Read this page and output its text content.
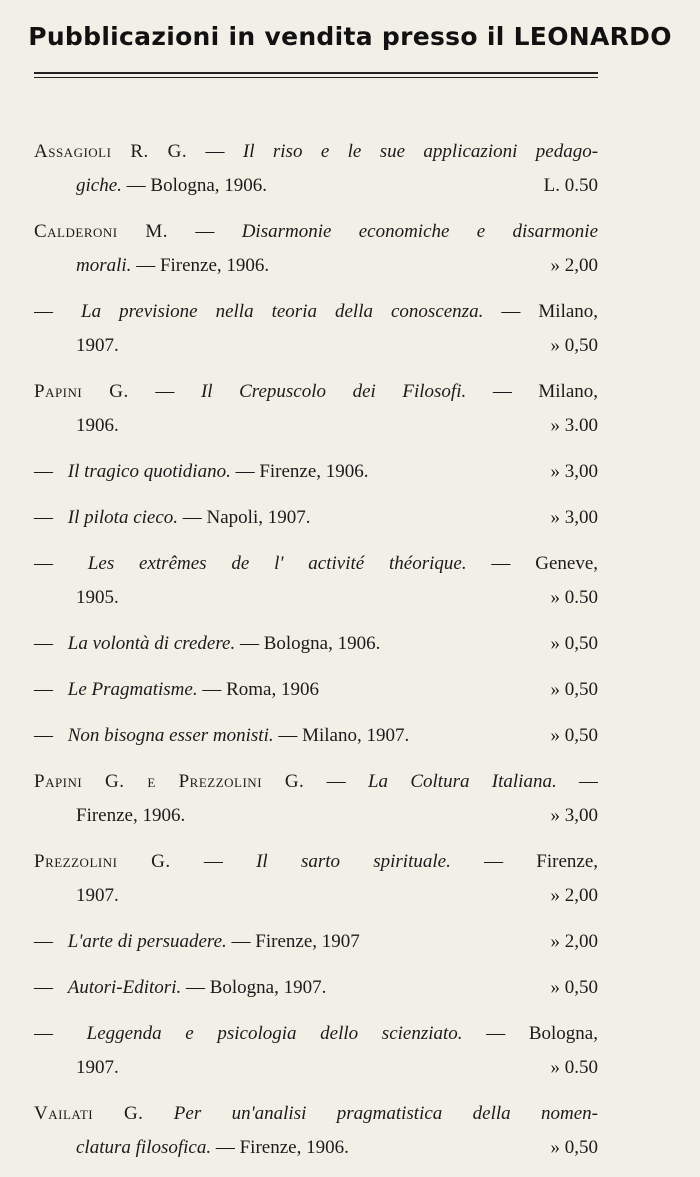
Pubblicazioni in vendita presso il LEONARDO
Assagioli R. G. — Il riso e le sue applicazioni pedago-
giche. — Bologna, 1906.	L. 0.50
Calderoni M. — Disarmonie economiche e disarmonie
morali. — Firenze, 1906.	» 2,00
— La previsione nella teoria della conoscenza. — Milano,
1907.	» 0,50
Papini G. — Il Crepuscolo dei Filosofi. — Milano,
1906.	» 3.00
— Il tragico quotidiano. — Firenze, 1906.	» 3,00
— Il pilota cieco. — Napoli, 1907.	» 3,00
— Les extrêmes de l' activité théorique. — Geneve,
1905.	» 0.50
— La volontà di credere. — Bologna, 1906.	» 0,50
— Le Pragmatisme. — Roma, 1906	» 0,50
— Non bisogna esser monisti. — Milano, 1907.	» 0,50
Papini G. e Prezzolini G. — La Coltura Italiana. —
Firenze, 1906.	» 3,00
Prezzolini G. — Il sarto spirituale. — Firenze,
1907.	» 2,00
— L'arte di persuadere. — Firenze, 1907	» 2,00
— Autori-Editori. — Bologna, 1907.	» 0,50
— Leggenda e psicologia dello scienziato. — Bologna,
1907.	» 0.50
Vailati G. Per un'analisi pragmatistica della nomen-
clatura filosofica. — Firenze, 1906.	» 0,50
